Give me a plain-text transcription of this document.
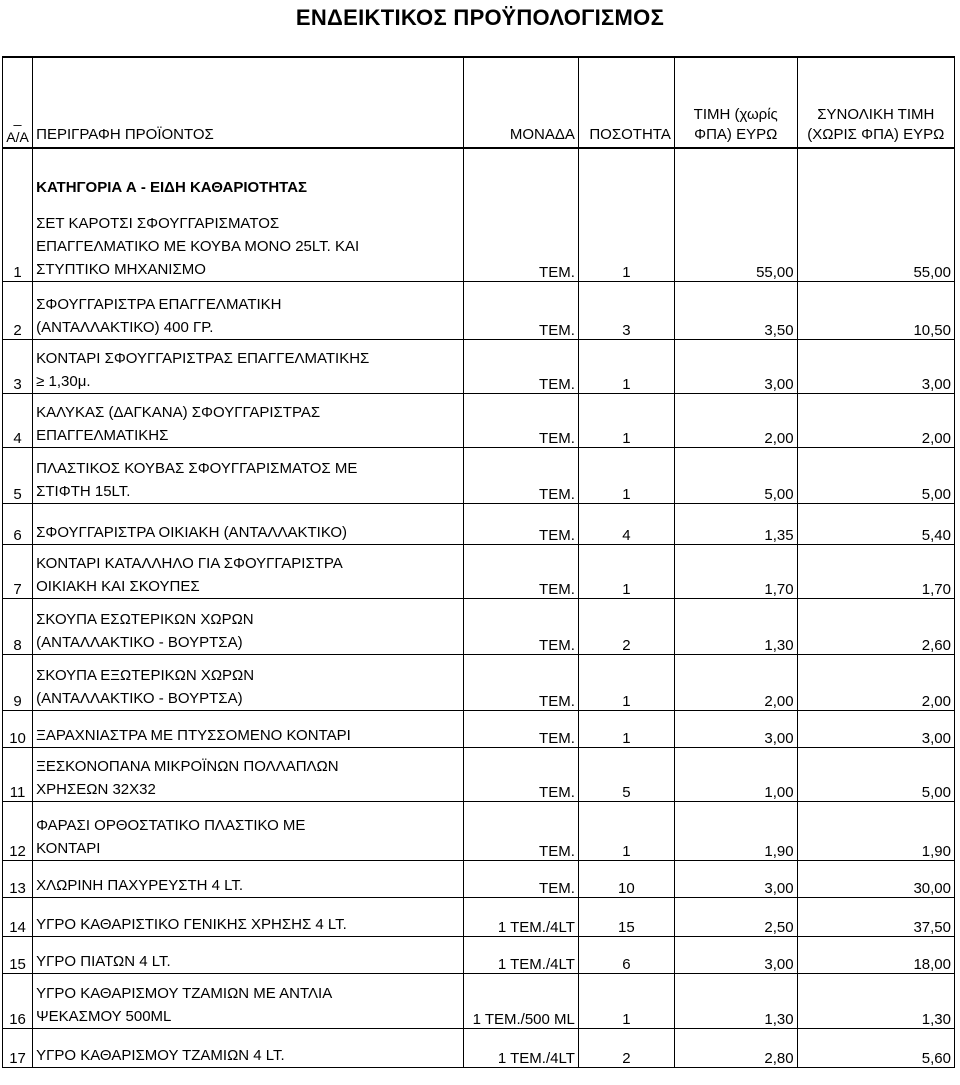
ΕΝΔΕΙΚΤΙΚΟΣ ΠΡΟΫΠΟΛΟΓΙΣΜΟΣ
_
Α/Α	ΠΕΡΙΓΡΑΦΗ ΠΡΟΪΟΝΤΟΣ	ΜΟΝΑΔΑ	ΠΟΣΟΤΗΤΑ	ΤΙΜΗ (χωρίς ΦΠΑ) ΕΥΡΩ	ΣΥΝΟΛΙΚΗ ΤΙΜΗ (ΧΩΡΙΣ ΦΠΑ) ΕΥΡΩ
	ΚΑΤΗΓΟΡΙΑ Α - ΕΙΔΗ ΚΑΘΑΡΙΟΤΗΤΑΣ				
1	ΣΕΤ ΚΑΡΟΤΣΙ ΣΦΟΥΓΓΑΡΙΣΜΑΤΟΣ
ΕΠΑΓΓΕΛΜΑΤΙΚΟ ΜΕ ΚΟΥΒΑ ΜΟΝΟ 25LT. ΚΑΙ
ΣΤΥΠΤΙΚΟ ΜΗΧΑΝΙΣΜΟ	ΤΕΜ.	1	55,00	55,00
2	ΣΦΟΥΓΓΑΡΙΣΤΡΑ ΕΠΑΓΓΕΛΜΑΤΙΚΗ
(ΑΝΤΑΛΛΑΚΤΙΚΟ) 400 ΓΡ.	ΤΕΜ.	3	3,50	10,50
3	ΚΟΝΤΑΡΙ ΣΦΟΥΓΓΑΡΙΣΤΡΑΣ ΕΠΑΓΓΕΛΜΑΤΙΚΗΣ
≥ 1,30μ.	ΤΕΜ.	1	3,00	3,00
4	ΚΑΛΥΚΑΣ (ΔΑΓΚΑΝΑ) ΣΦΟΥΓΓΑΡΙΣΤΡΑΣ
ΕΠΑΓΓΕΛΜΑΤΙΚΗΣ	ΤΕΜ.	1	2,00	2,00
5	ΠΛΑΣΤΙΚΟΣ ΚΟΥΒΑΣ ΣΦΟΥΓΓΑΡΙΣΜΑΤΟΣ ΜΕ
ΣΤΙΦΤΗ 15LT.	ΤΕΜ.	1	5,00	5,00
6	ΣΦΟΥΓΓΑΡΙΣΤΡΑ ΟΙΚΙΑΚΗ (ΑΝΤΑΛΛΑΚΤΙΚΟ)	ΤΕΜ.	4	1,35	5,40
7	ΚΟΝΤΑΡΙ ΚΑΤΑΛΛΗΛΟ ΓΙΑ ΣΦΟΥΓΓΑΡΙΣΤΡΑ
ΟΙΚΙΑΚΗ ΚΑΙ ΣΚΟΥΠΕΣ	ΤΕΜ.	1	1,70	1,70
8	ΣΚΟΥΠΑ ΕΣΩΤΕΡΙΚΩΝ ΧΩΡΩΝ
(ΑΝΤΑΛΛΑΚΤΙΚΟ - ΒΟΥΡΤΣΑ)	ΤΕΜ.	2	1,30	2,60
9	ΣΚΟΥΠΑ ΕΞΩΤΕΡΙΚΩΝ ΧΩΡΩΝ
(ΑΝΤΑΛΛΑΚΤΙΚΟ - ΒΟΥΡΤΣΑ)	ΤΕΜ.	1	2,00	2,00
10	ΞΑΡΑΧΝΙΑΣΤΡΑ ΜΕ ΠΤΥΣΣΟΜΕΝΟ ΚΟΝΤΑΡΙ	ΤΕΜ.	1	3,00	3,00
11	ΞΕΣΚΟΝΟΠΑΝΑ ΜΙΚΡΟΪΝΩΝ ΠΟΛΛΑΠΛΩΝ
ΧΡΗΣΕΩΝ 32Χ32	ΤΕΜ.	5	1,00	5,00
12	ΦΑΡΑΣΙ ΟΡΘΟΣΤΑΤΙΚΟ ΠΛΑΣΤΙΚΟ ΜΕ
ΚΟΝΤΑΡΙ	ΤΕΜ.	1	1,90	1,90
13	ΧΛΩΡΙΝΗ ΠΑΧΥΡΕΥΣΤΗ 4 LT.	ΤΕΜ.	10	3,00	30,00
14	ΥΓΡΟ ΚΑΘΑΡΙΣΤΙΚΟ ΓΕΝΙΚΗΣ ΧΡΗΣΗΣ 4 LT.	1 ΤΕΜ./4LT	15	2,50	37,50
15	ΥΓΡΟ ΠΙΑΤΩΝ 4 LT.	1 ΤΕΜ./4LT	6	3,00	18,00
16	ΥΓΡΟ ΚΑΘΑΡΙΣΜΟΥ ΤΖΑΜΙΩΝ ΜΕ ΑΝΤΛΙΑ
ΨΕΚΑΣΜΟΥ 500ML	1 ΤΕΜ./500 ML	1	1,30	1,30
17	ΥΓΡΟ ΚΑΘΑΡΙΣΜΟΥ ΤΖΑΜΙΩΝ 4 LT.	1 ΤΕΜ./4LT	2	2,80	5,60
